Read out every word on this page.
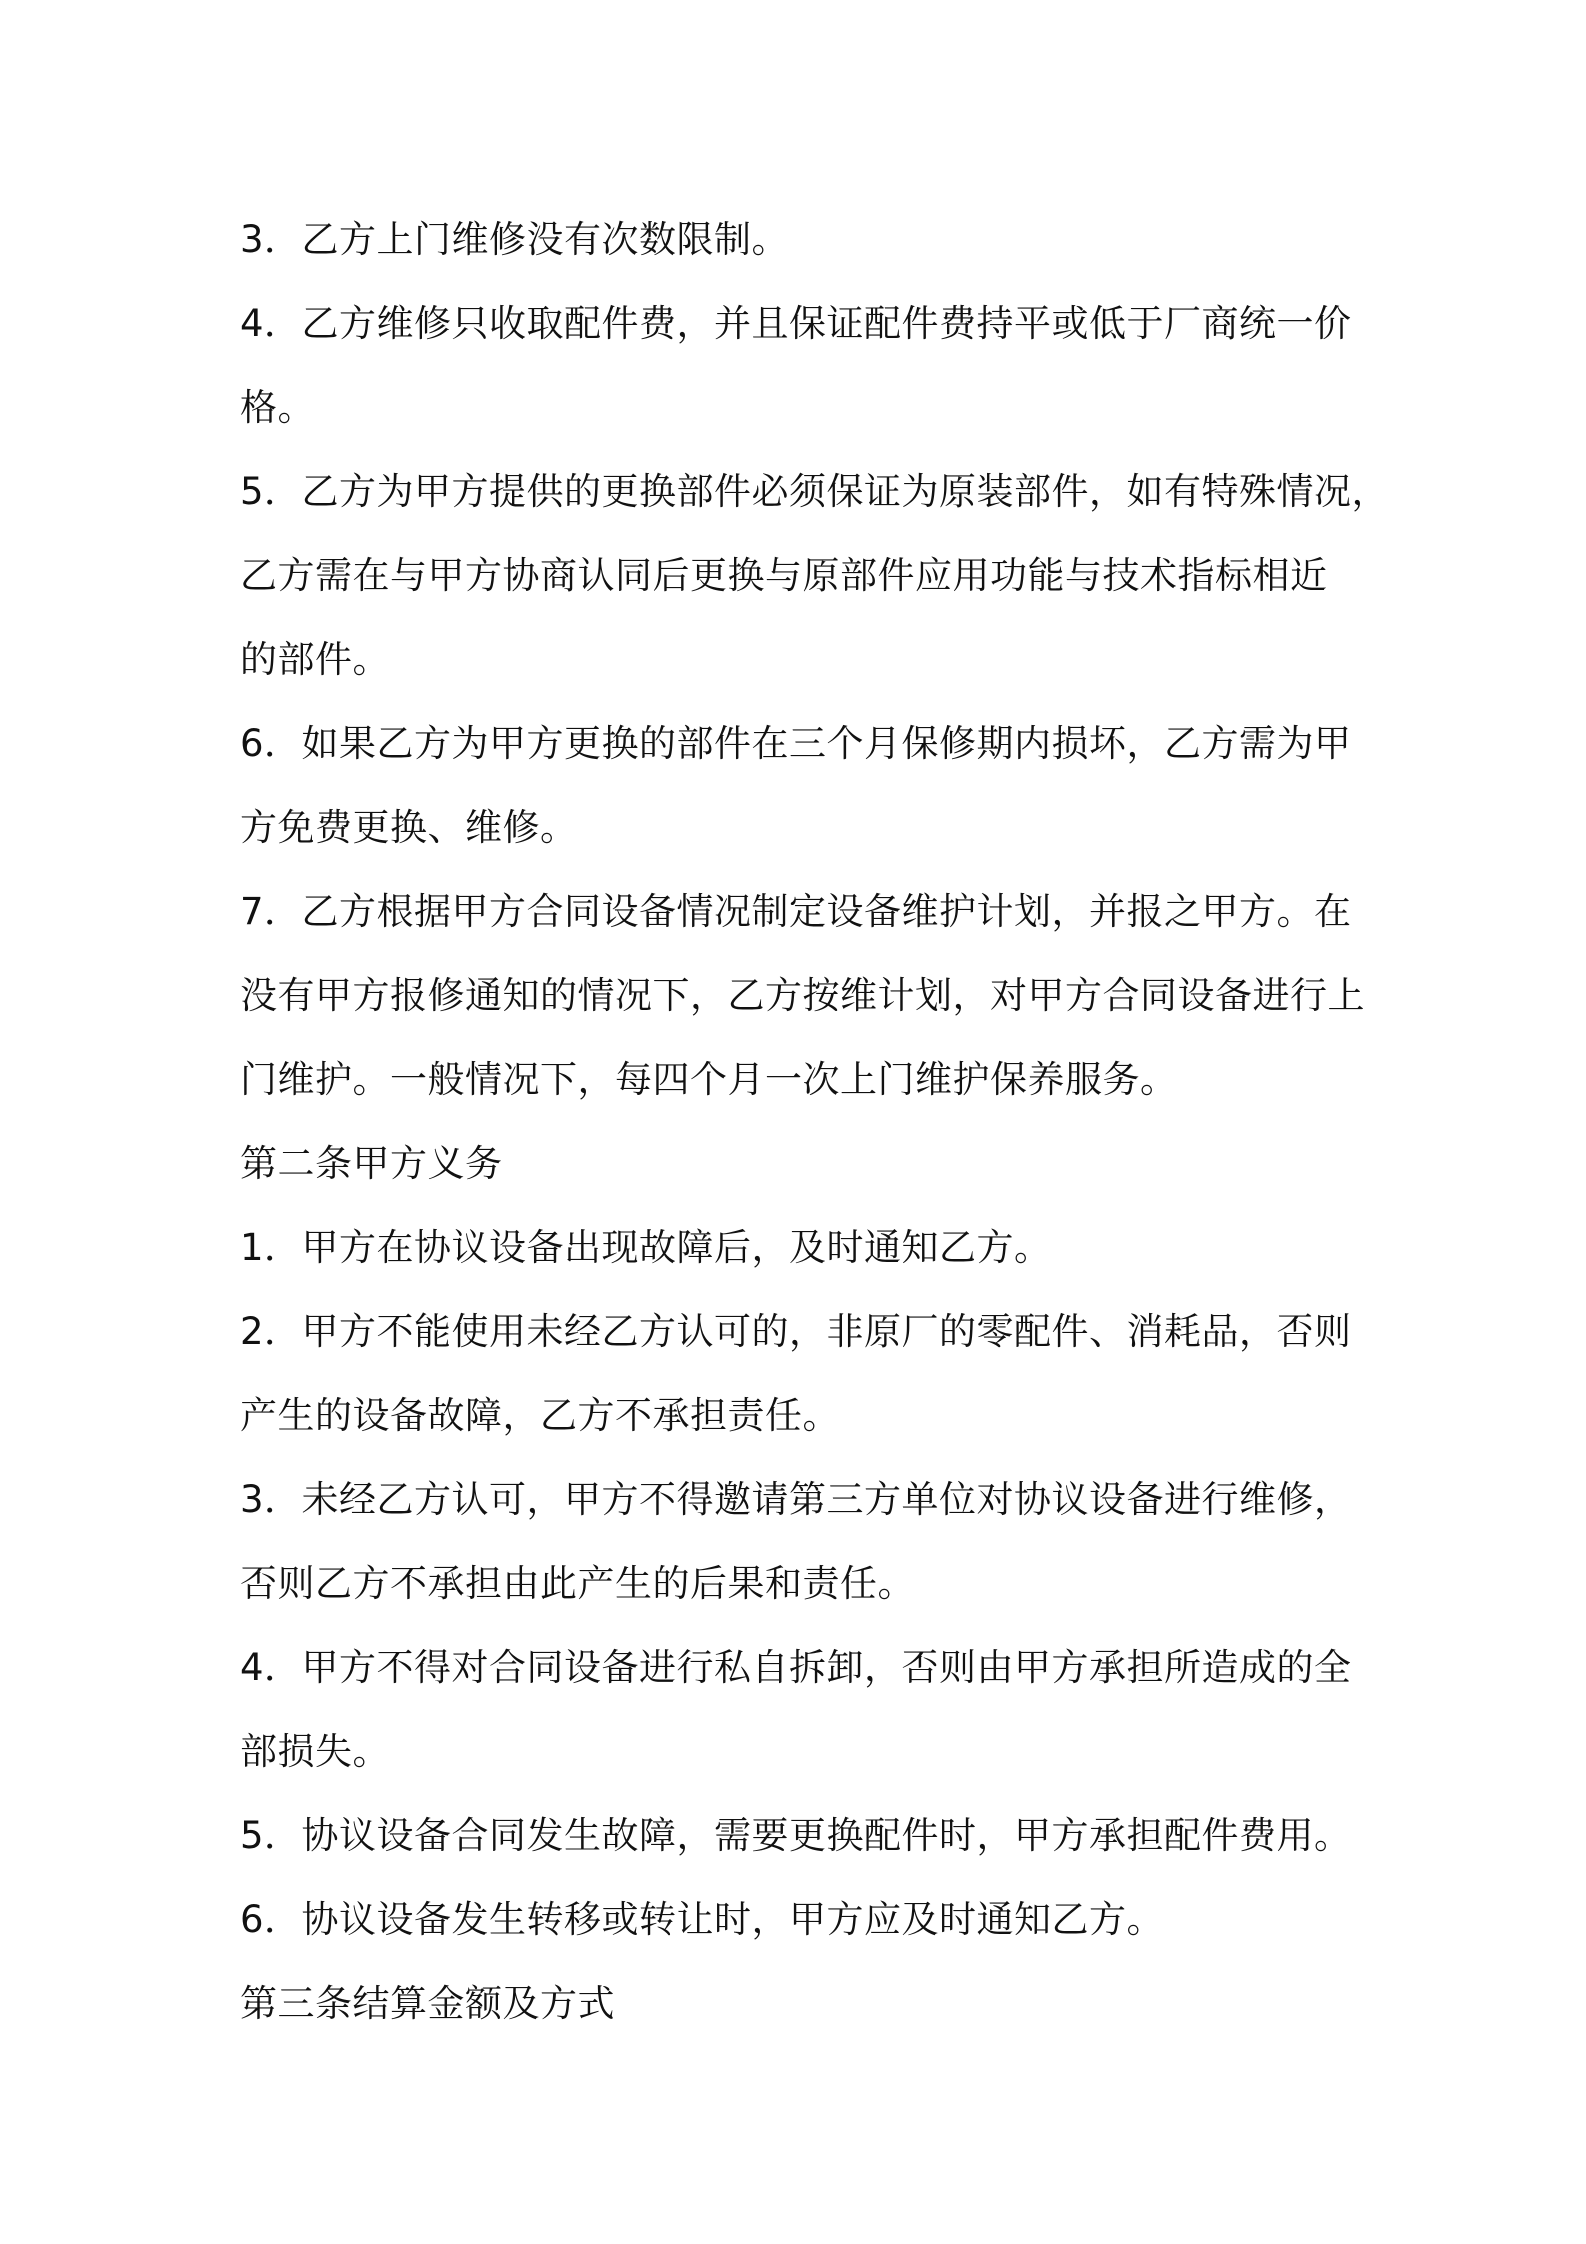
3．乙方上门维修没有次数限制。
4．乙方维修只收取配件费，并且保证配件费持平或低于厂商统一价
格。
5．乙方为甲方提供的更换部件必须保证为原装部件，如有特殊情况，
乙方需在与甲方协商认同后更换与原部件应用功能与技术指标相近
的部件。
6．如果乙方为甲方更换的部件在三个月保修期内损坏，乙方需为甲
方免费更换、维修。
7．乙方根据甲方合同设备情况制定设备维护计划，并报之甲方。在
没有甲方报修通知的情况下，乙方按维计划，对甲方合同设备进行上
门维护。一般情况下，每四个月一次上门维护保养服务。
第二条甲方义务
1．甲方在协议设备出现故障后，及时通知乙方。
2．甲方不能使用未经乙方认可的，非原厂的零配件、消耗品，否则
产生的设备故障，乙方不承担责任。
3．未经乙方认可，甲方不得邀请第三方单位对协议设备进行维修，
否则乙方不承担由此产生的后果和责任。
4．甲方不得对合同设备进行私自拆卸，否则由甲方承担所造成的全
部损失。
5．协议设备合同发生故障，需要更换配件时，甲方承担配件费用。
6．协议设备发生转移或转让时，甲方应及时通知乙方。
第三条结算金额及方式
